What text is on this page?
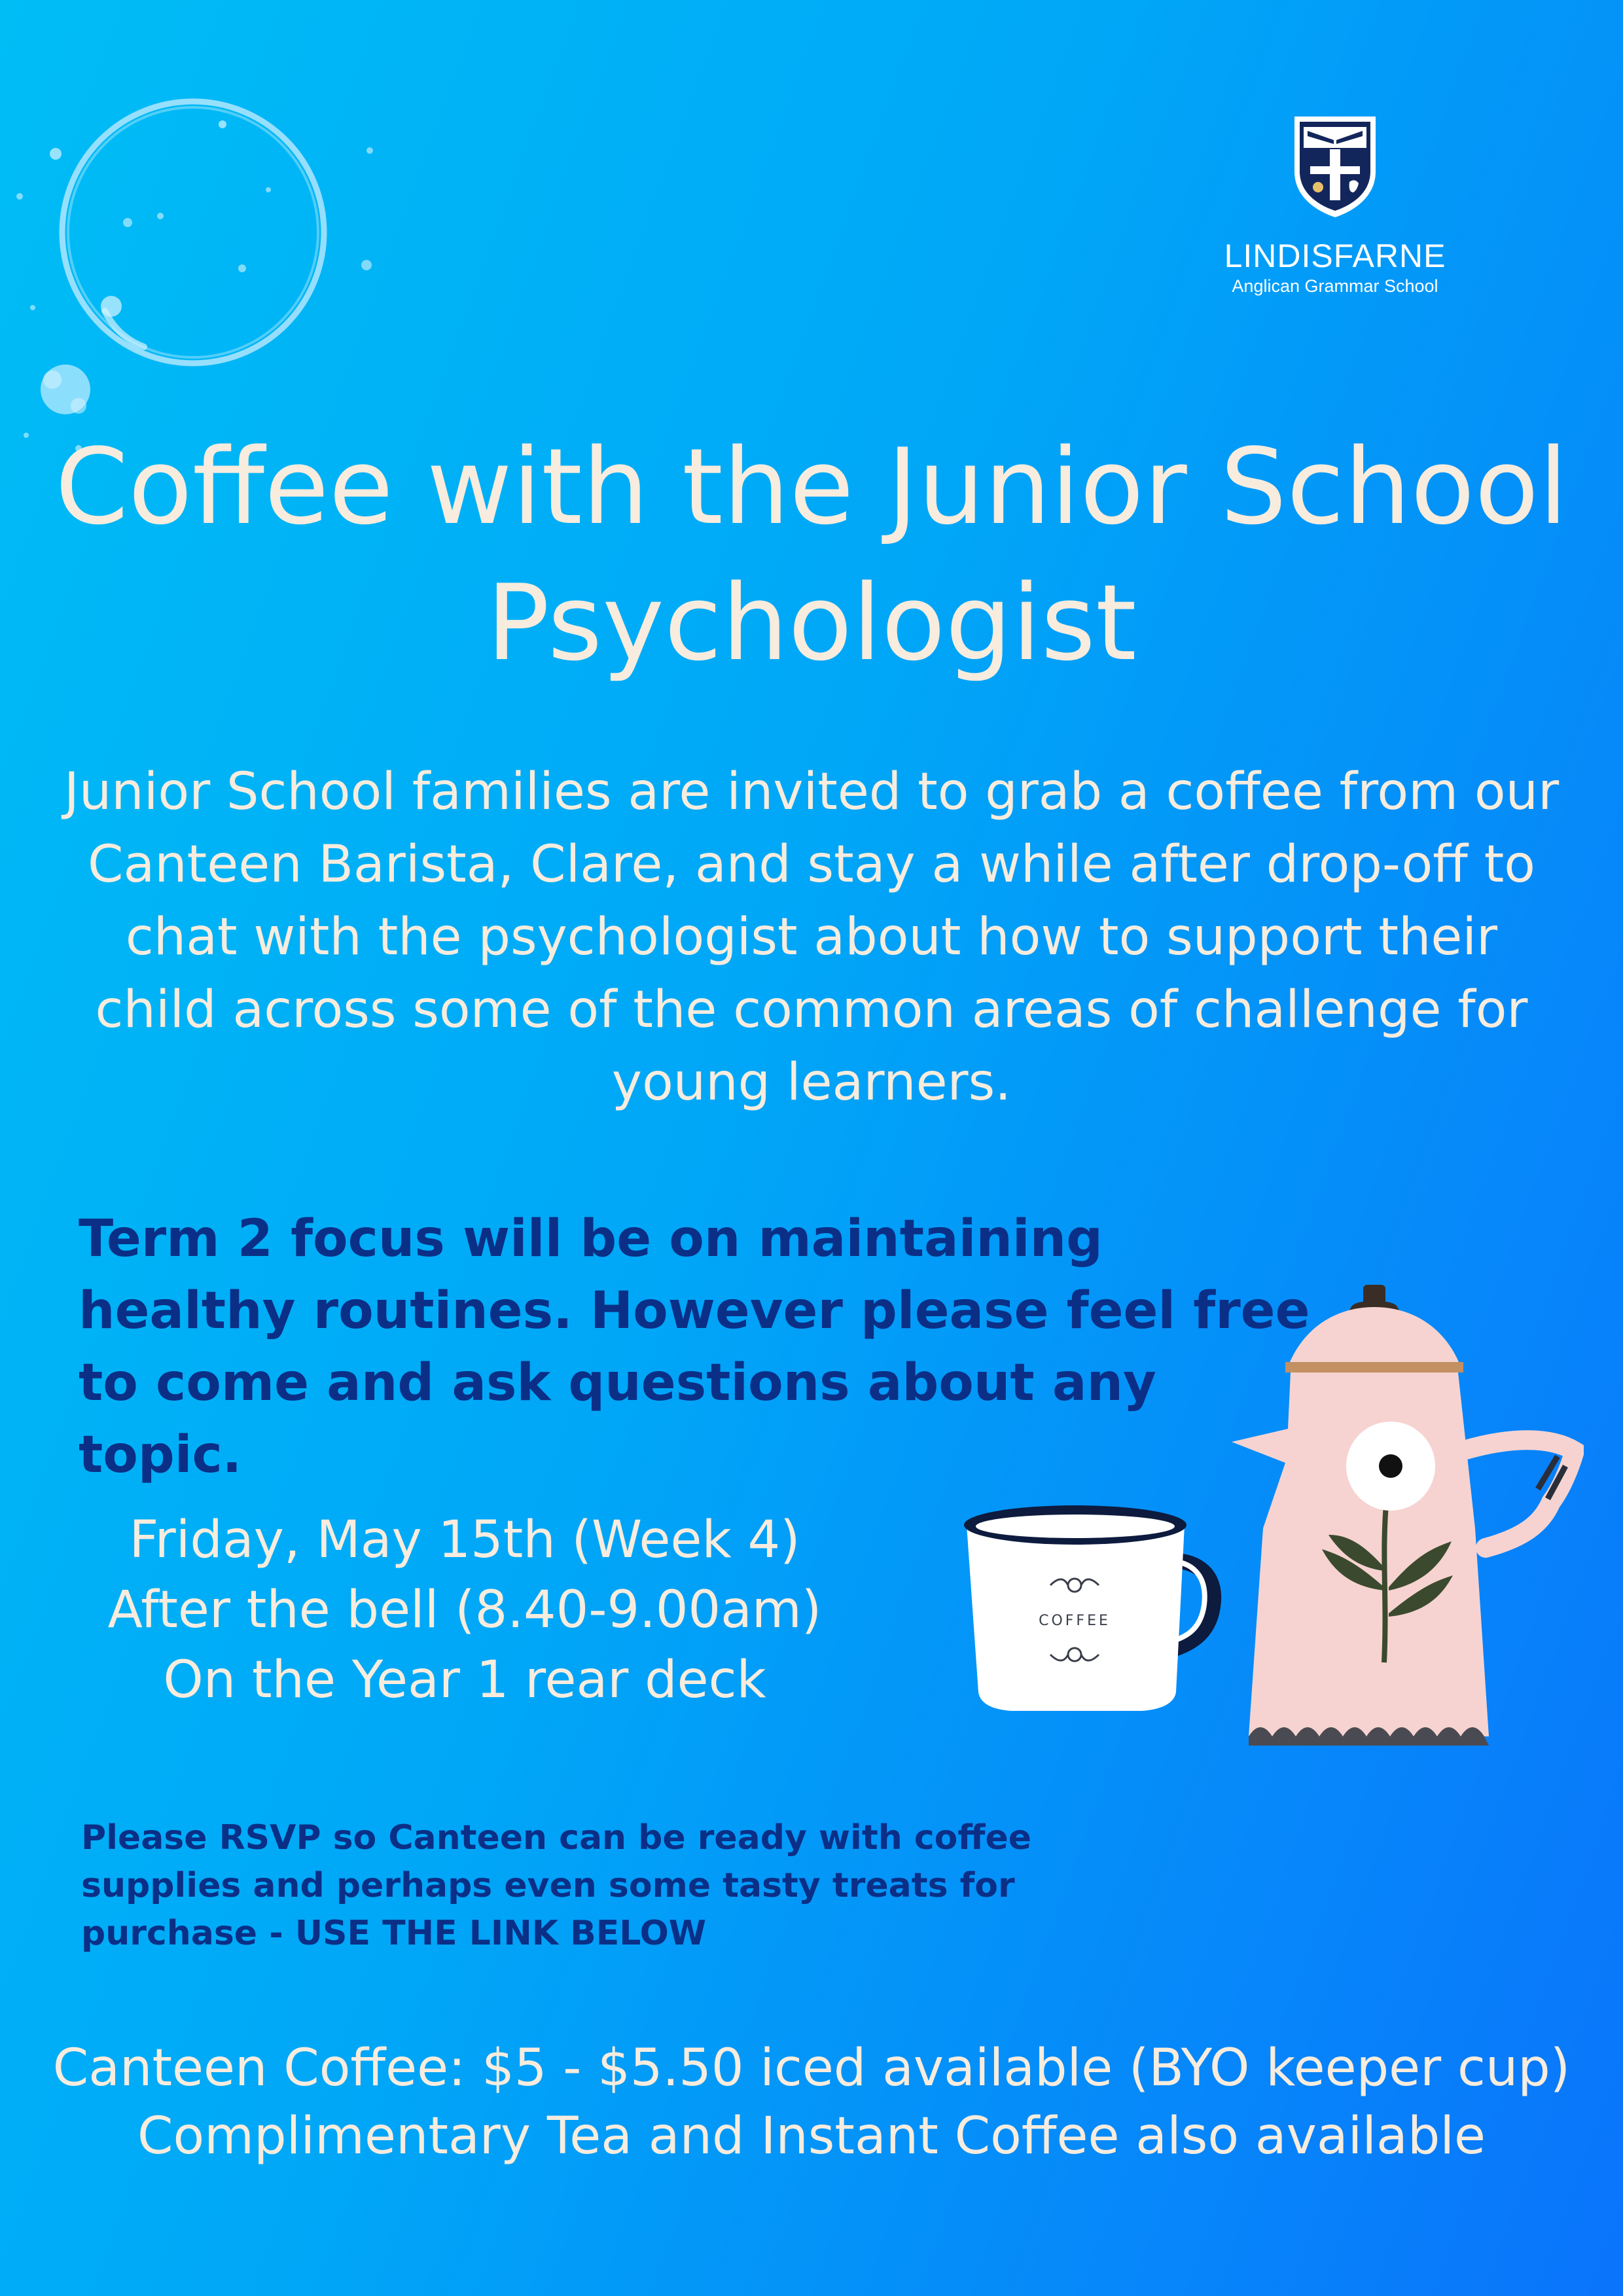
LINDISFARNE
Anglican Grammar School
Coffee with the Junior School
Psychologist

Junior School families are invited to grab a coffee from our Canteen Barista, Clare, and stay a while after drop-off to chat with the psychologist about how to support their child across some of the common areas of challenge for young learners.

Term 2 focus will be on maintaining healthy routines. However please feel free to come and ask questions about any topic.

Friday, May 15th (Week 4)
After the bell (8.40-9.00am)
On the Year 1 rear deck
COFFEE

Please RSVP so Canteen can be ready with coffee supplies and perhaps even some tasty treats for purchase - USE THE LINK BELOW

Canteen Coffee: $5 - $5.50 iced available (BYO keeper cup)
Complimentary Tea and Instant Coffee also available
